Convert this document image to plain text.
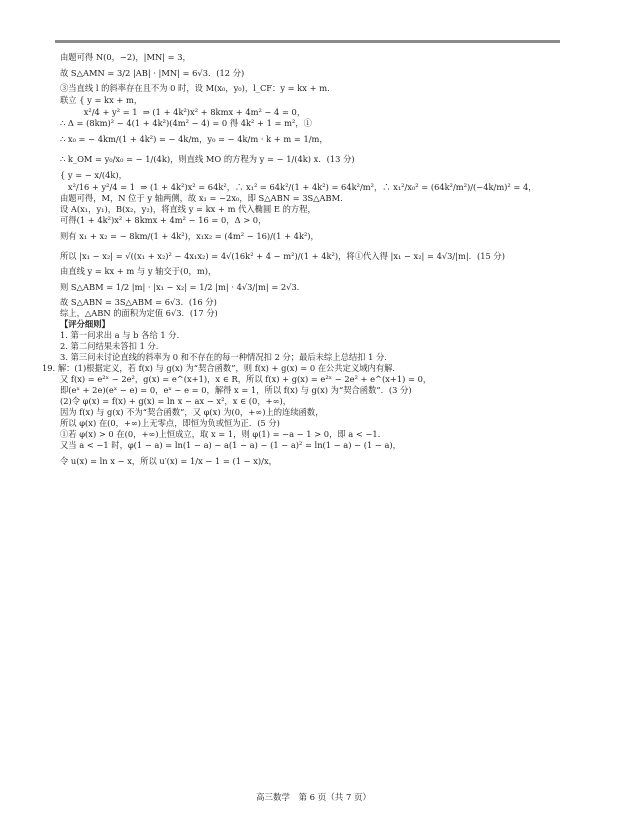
由题可得 N(0，−2)，|MN| = 3，
故 S△AMN = 3/2 |AB| · |MN| = 6√3．(12 分)
③当直线 l 的斜率存在且不为 0 时，设 M(x₀，y₀)，l_CF：y = kx + m．
联立 { y = kx + m，
x²/4 + y² = 1  ⇒ (1 + 4k²)x² + 8kmx + 4m² − 4 = 0，
∴ Δ = (8km)² − 4(1 + 4k²)(4m² − 4) = 0 得 4k² + 1 = m²，①
∴ x₀ = − 4km/(1 + 4k²) = − 4k/m，y₀ = − 4k/m · k + m = 1/m，
∴ k_OM = y₀/x₀ = − 1/(4k)，则直线 MO 的方程为 y = − 1/(4k) x．(13 分)
{ y = − x/(4k)，
x²/16 + y²/4 = 1  ⇒ (1 + 4k²)x² = 64k²，∴ x₁² = 64k²/(1 + 4k²) = 64k²/m²，∴ x₁²/x₀² = (64k²/m²)/(−4k/m)² = 4，
由题可得，M，N 位于 y 轴两侧，故 x₁ = −2x₀，即 S△ABN = 3S△ABM．
设 A(x₁，y₁)，B(x₂，y₂)，将直线 y = kx + m 代入椭圆 E 的方程，
可得(1 + 4k²)x² + 8kmx + 4m² − 16 = 0，Δ > 0，
则有 x₁ + x₂ = − 8km/(1 + 4k²)，x₁x₂ = (4m² − 16)/(1 + 4k²)，
所以 |x₁ − x₂| = √((x₁ + x₂)² − 4x₁x₂) = 4√(16k² + 4 − m²)/(1 + 4k²)，将①代入得 |x₁ − x₂| = 4√3/|m|．(15 分)
由直线 y = kx + m 与 y 轴交于(0，m)，
则 S△ABM = 1/2 |m| · |x₁ − x₂| = 1/2 |m| · 4√3/|m| = 2√3．
故 S△ABN = 3S△ABM = 6√3．(16 分)
综上，△ABN 的面积为定值 6√3．(17 分)
【评分细则】
1. 第一问求出 a 与 b 各给 1 分．
2. 第二问结果未答扣 1 分．
3. 第三问未讨论直线的斜率为 0 和不存在的每一种情况扣 2 分；最后未综上总结扣 1 分．
19. 解：(1)根据定义，若 f(x) 与 g(x) 为“契合函数”，则 f(x) + g(x) = 0 在公共定义域内有解．
又 f(x) = e²ˣ − 2e²，g(x) = e^(x+1)，x ∈ R，所以 f(x) + g(x) = e²ˣ − 2e² + e^(x+1) = 0，
即(eˣ + 2e)(eˣ − e) = 0，eˣ − e = 0，解得 x = 1，所以 f(x) 与 g(x) 为“契合函数”．(3 分)
(2)令 φ(x) = f(x) + g(x) = ln x − ax − x²，x ∈ (0，+∞)，
因为 f(x) 与 g(x) 不为“契合函数”，又 φ(x) 为(0，+∞)上的连续函数，
所以 φ(x) 在(0，+∞)上无零点，即恒为负或恒为正．(5 分)
①若 φ(x) > 0 在(0，+∞)上恒成立，取 x = 1，则 φ(1) = −a − 1 > 0，即 a < −1．
又当 a < −1 时，φ(1 − a) = ln(1 − a) − a(1 − a) − (1 − a)² = ln(1 − a) − (1 − a)，
令 u(x) = ln x − x，所以 u′(x) = 1/x − 1 = (1 − x)/x，
高三数学　第 6 页（共 7 页）
